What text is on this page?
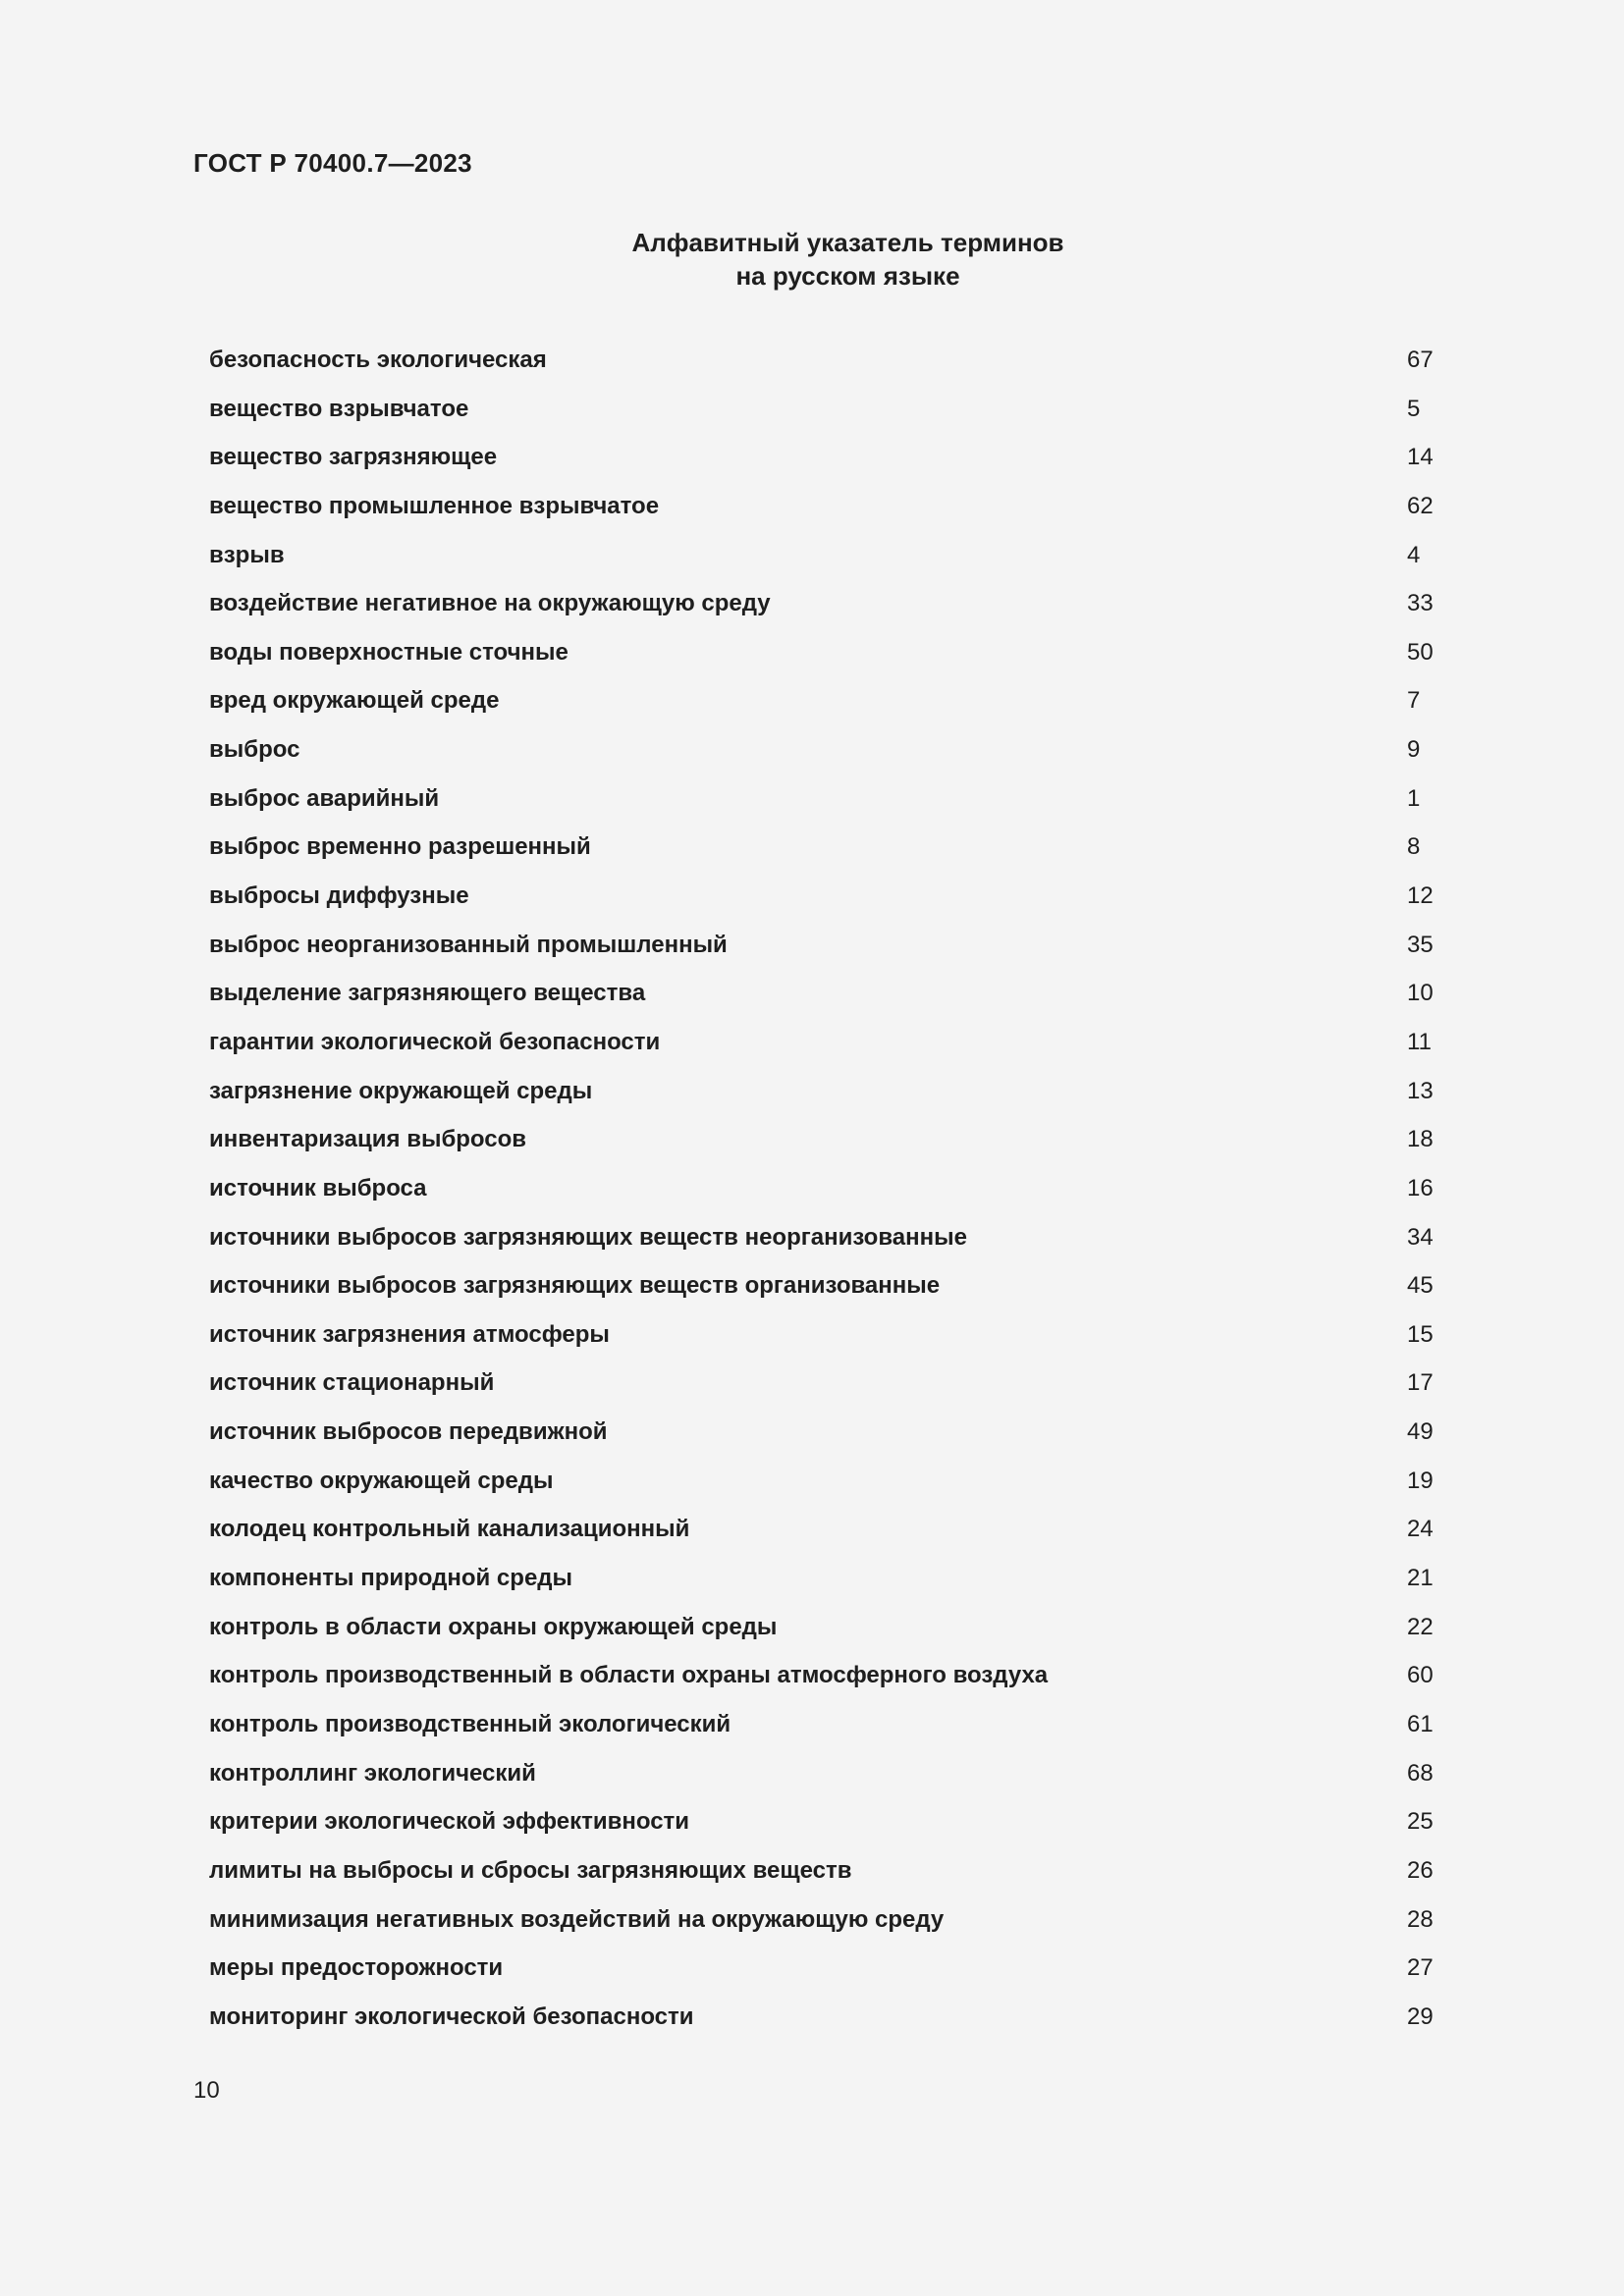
ГОСТ Р 70400.7—2023
Алфавитный указатель терминов
на русском языке
безопасность экологическая	67
вещество взрывчатое	5
вещество загрязняющее	14
вещество промышленное взрывчатое	62
взрыв	4
воздействие негативное на окружающую среду	33
воды поверхностные сточные	50
вред окружающей среде	7
выброс	9
выброс аварийный	1
выброс временно разрешенный	8
выбросы диффузные	12
выброс неорганизованный промышленный	35
выделение загрязняющего вещества	10
гарантии экологической безопасности	11
загрязнение окружающей среды	13
инвентаризация выбросов	18
источник выброса	16
источники выбросов загрязняющих веществ неорганизованные	34
источники выбросов загрязняющих веществ организованные	45
источник загрязнения атмосферы	15
источник стационарный	17
источник выбросов передвижной	49
качество окружающей среды	19
колодец контрольный канализационный	24
компоненты природной среды	21
контроль в области охраны окружающей среды	22
контроль производственный в области охраны атмосферного воздуха	60
контроль производственный экологический	61
контроллинг экологический	68
критерии экологической эффективности	25
лимиты на выбросы и сбросы загрязняющих веществ	26
минимизация негативных воздействий на окружающую среду	28
меры предосторожности	27
мониторинг экологической безопасности	29
10
